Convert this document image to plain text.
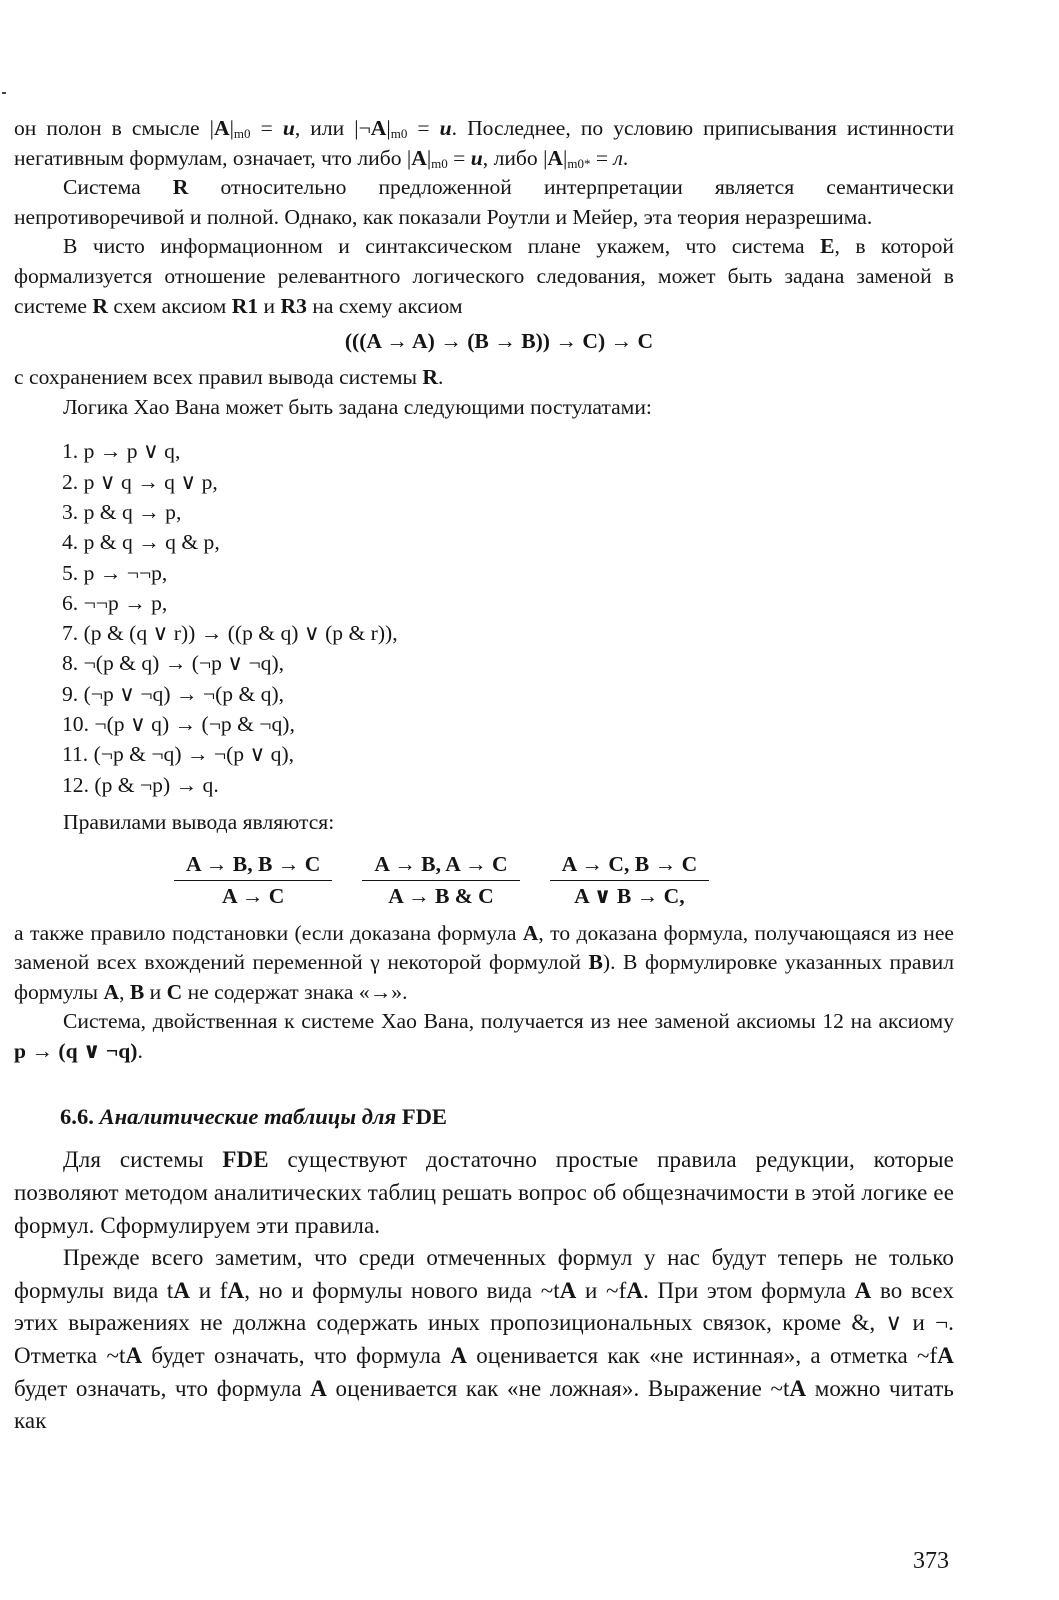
он полон в смысле $|A|_{m0} = u$, или $|\neg A|_{m0} = u$. Последнее, по условию приписывания истинности негативным формулам, означает, что либо $|A|_{m0} = u$, либо $|A|_{m0*} = л$.

Система R относительно предложенной интерпретации является семантически непротиворечивой и полной. Однако, как показали Роутли и Мейер, эта теория неразрешима.

В чисто информационном и синтаксическом плане укажем, что система E, в которой формализуется отношение релевантного логического следования, может быть задана заменой в системе R схем аксиом R1 и R3 на схему аксиом

(((A → A) → (B → B)) → C) → C

с сохранением всех правил вывода системы R.

Логика Хао Вана может быть задана следующими постулатами:

1. p → p ∨ q,
2. p ∨ q → q ∨ p,
3. p & q → p,
4. p & q → q & p,
5. p → ¬¬p,
6. ¬¬p → p,
7. (p & (q ∨ r)) → ((p & q) ∨ (p & r)),
8. ¬(p & q) → (¬p ∨ ¬q),
9. (¬p ∨ ¬q) → ¬(p & q),
10. ¬(p ∨ q) → (¬p & ¬q),
11. (¬p & ¬q) → ¬(p ∨ q),
12. (p & ¬p) → q.

Правилами вывода являются:

$\frac{A \to B, B \to C}{A \to C} \frac{A \to B, A \to C}{A \to B \& C} \frac{A \to C, B \to C}{A \vee B \to C,}$

а также правило подстановки (если доказана формула A, то доказана формула, получающаяся из нее заменой всех вхождений переменной γ некоторой формулой B). В формулировке указанных правил формулы A, B и C не содержат знака «→».

Система, двойственная к системе Хао Вана, получается из нее заменой аксиомы 12 на аксиому p → (q ∨ ¬q).

6.6. Аналитические таблицы для FDE

Для системы FDE существуют достаточно простые правила редукции, которые позволяют методом аналитических таблиц решать вопрос об общезначимости в этой логике ее формул. Сформулируем эти правила.

Прежде всего заметим, что среди отмеченных формул у нас будут теперь не только формулы вида tA и fA, но и формулы нового вида ~tA и ~fA. При этом формула A во всех этих выражениях не должна содержать иных пропозициональных связок, кроме &, ∨ и ¬. Отметка ~tA будет означать, что формула A оценивается как «не истинная», а отметка ~fA будет означать, что формула A оценивается как «не ложная». Выражение ~tA можно читать как

373
